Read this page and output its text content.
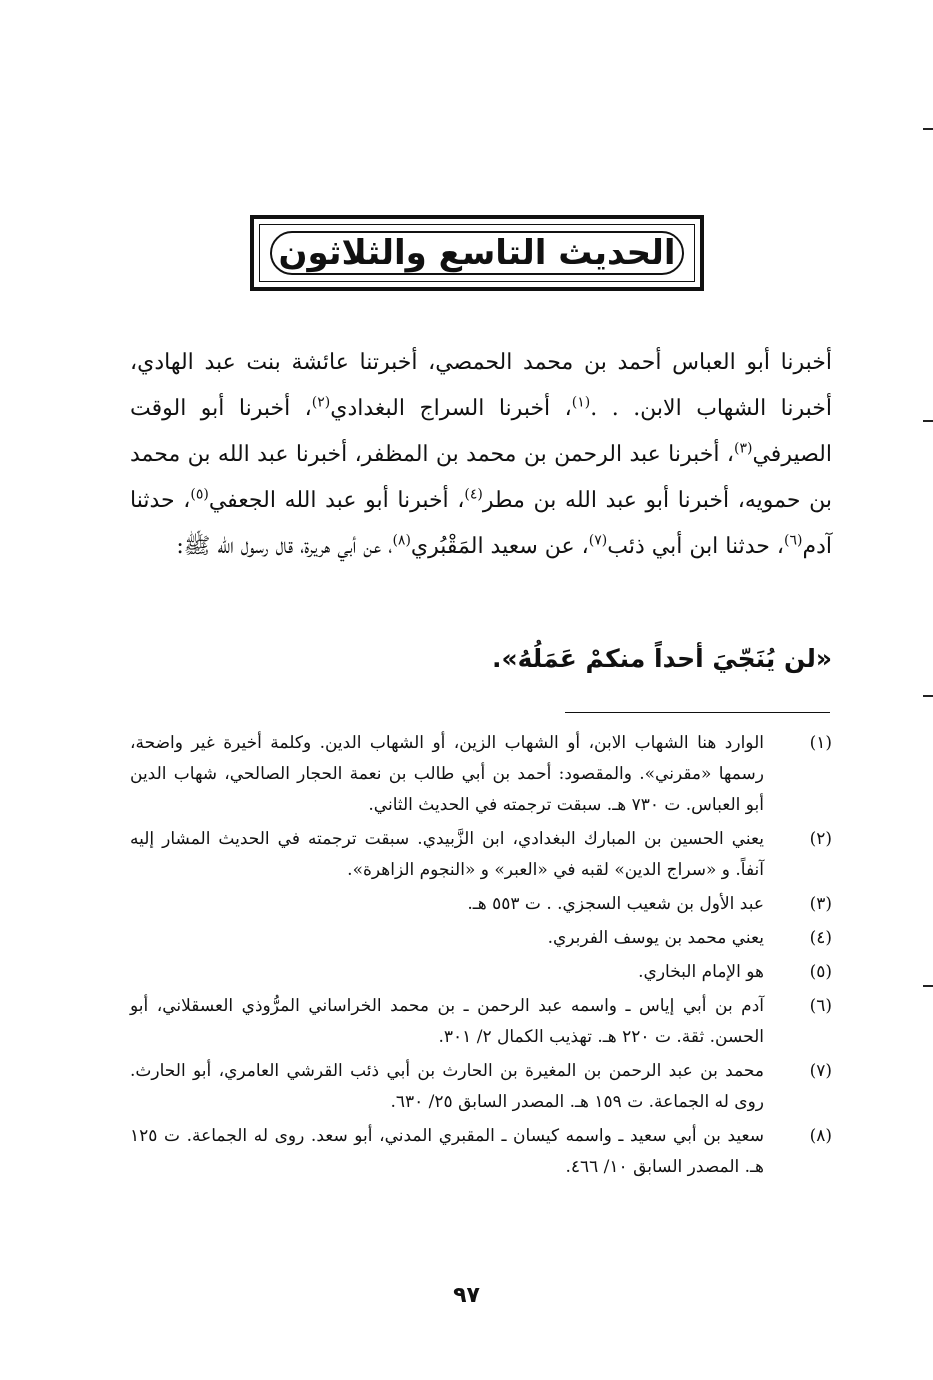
الحديث التاسع والثلاثون
أخبرنا أبو العباس أحمد بن محمد الحمصي، أخبرتنا عائشة بنت عبد الهادي، أخبرنا الشهاب الابن. . .$^{(١)}$، أخبرنا السراج البغدادي$^{(٢)}$، أخبرنا أبو الوقت الصيرفي$^{(٣)}$، أخبرنا عبد الرحمن بن محمد بن المظفر، أخبرنا عبد الله بن محمد بن حمويه، أخبرنا أبو عبد الله بن مطر$^{(٤)}$، أخبرنا أبو عبد الله الجعفي$^{(٥)}$، حدثنا آدم$^{(٦)}$، حدثنا ابن أبي ذئب$^{(٧)}$، عن سعيد المَقْبُري$^{(٨)}$، عن أبي هريرة، قال رسول الله ﷺ:
«لن يُنَجّيَ أحداً منكمْ عَمَلُهُ».
(١)
الوارد هنا الشهاب الابن، أو الشهاب الزين، أو الشهاب الدين. وكلمة أخيرة غير واضحة، رسمها «مقرني». والمقصود: أحمد بن أبي طالب بن نعمة الحجار الصالحي، شهاب الدين أبو العباس. ت ٧٣٠ هـ. سبقت ترجمته في الحديث الثاني.
(٢)
يعني الحسين بن المبارك البغدادي، ابن الزَّبيدي. سبقت ترجمته في الحديث المشار إليه آنفاً. و «سراج الدين» لقبه في «العبر» و «النجوم الزاهرة».
(٣)
عبد الأول بن شعيب السجزي. . ت ٥٥٣ هـ.
(٤)
يعني محمد بن يوسف الفربري.
(٥)
هو الإمام البخاري.
(٦)
آدم بن أبي إياس ـ واسمه عبد الرحمن ـ بن محمد الخراساني المرُّوذي العسقلاني، أبو الحسن. ثقة. ت ٢٢٠ هـ. تهذيب الكمال ٢/ ٣٠١.
(٧)
محمد بن عبد الرحمن بن المغيرة بن الحارث بن أبي ذئب القرشي العامري، أبو الحارث. روى له الجماعة. ت ١٥٩ هـ. المصدر السابق ٢٥/ ٦٣٠.
(٨)
سعيد بن أبي سعيد ـ واسمه كيسان ـ المقبري المدني، أبو سعد. روى له الجماعة. ت ١٢٥ هـ. المصدر السابق ١٠/ ٤٦٦.
٩٧
